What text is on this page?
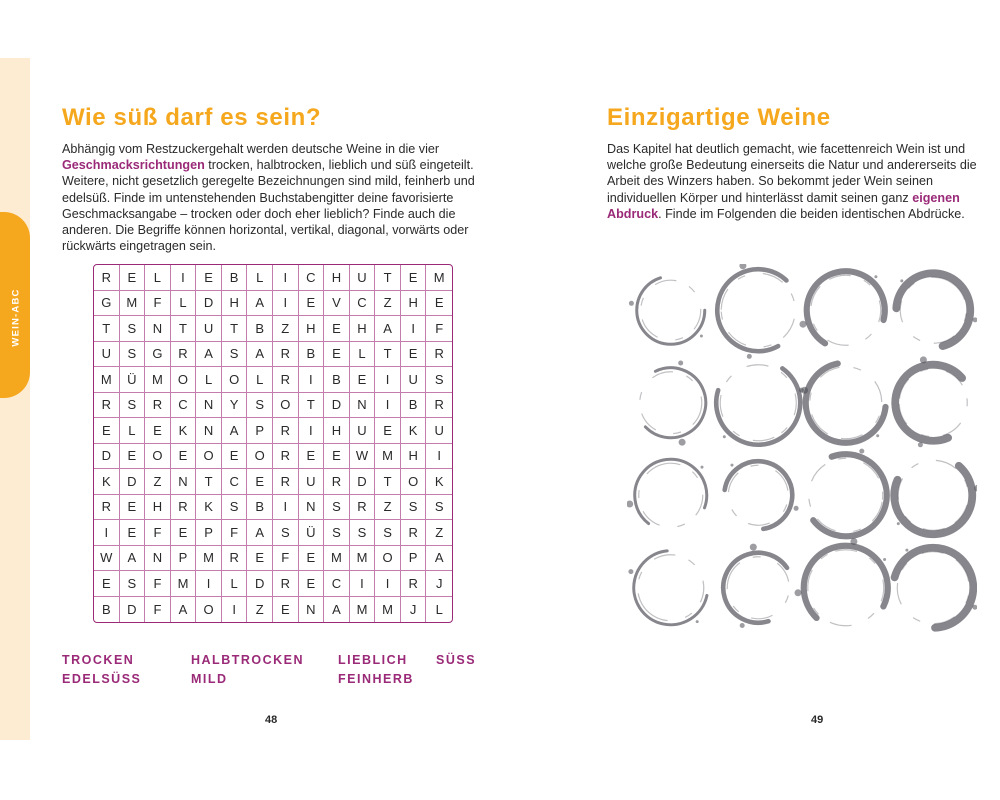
WEIN-ABC
Wie süß darf es sein?

Abhängig vom Restzuckergehalt werden deutsche Weine in die vier Geschmacksrichtungen trocken, halbtrocken, lieblich und süß eingeteilt. Weitere, nicht gesetzlich geregelte Bezeichnungen sind mild, feinherb und edelsüß. Finde im untenstehenden Buchstabengitter deine favorisierte Geschmacksangabe – trocken oder doch eher lieblich? Finde auch die anderen. Die Begriffe können horizontal, vertikal, diagonal, vorwärts oder rückwärts eingetragen sein.

R	E	L	I	E	B	L	I	C	H	U	T	E	M
G	M	F	L	D	H	A	I	E	V	C	Z	H	E
T	S	N	T	U	T	B	Z	H	E	H	A	I	F
U	S	G	R	A	S	A	R	B	E	L	T	E	R
M	Ü	M	O	L	O	L	R	I	B	E	I	U	S
R	S	R	C	N	Y	S	O	T	D	N	I	B	R
E	L	E	K	N	A	P	R	I	H	U	E	K	U
D	E	O	E	O	E	O	R	E	E	W	M	H	I
K	D	Z	N	T	C	E	R	U	R	D	T	O	K
R	E	H	R	K	S	B	I	N	S	R	Z	S	S
I	E	F	E	P	F	A	S	Ü	S	S	S	R	Z
W	A	N	P	M	R	E	F	E	M	M	O	P	A
E	S	F	M	I	L	D	R	E	C	I	I	R	J
B	D	F	A	O	I	Z	E	N	A	M	M	J	L
TROCKEN	HALBTROCKEN	LIEBLICH SÜSS
EDELSÜSS	MILD	FEINHERB
48
Einzigartige Weine

Das Kapitel hat deutlich gemacht, wie facettenreich Wein ist und welche große Bedeutung einerseits die Natur und andererseits die Arbeit des Winzers haben. So bekommt jeder Wein seinen individuellen Körper und hinterlässt damit seinen ganz eigenen Abdruck. Finde im Folgenden die beiden identischen Abdrücke.

49
